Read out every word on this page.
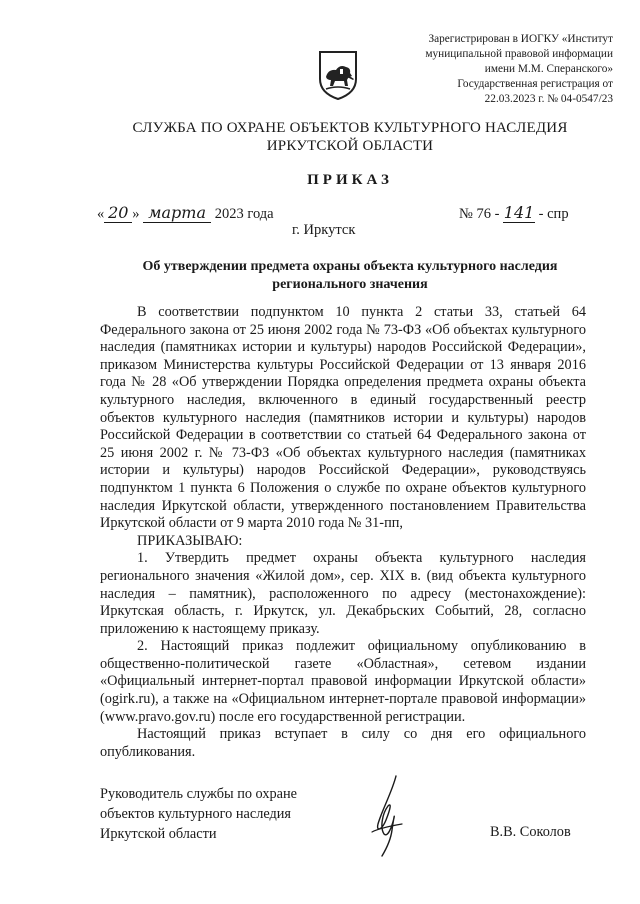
Зарегистрирован в ИОГКУ «Институт
муниципальной правовой информации
имени М.М. Сперанского»
Государственная регистрация от
22.03.2023 г. № 04-0547/23
СЛУЖБА ПО ОХРАНЕ ОБЪЕКТОВ КУЛЬТУРНОГО НАСЛЕДИЯ
ИРКУТСКОЙ ОБЛАСТИ
ПРИКАЗ
« 20 » марта 2023 года	№ 76 - 141 - спр
г. Иркутск
Об утверждении предмета охраны объекта культурного наследия
регионального значения

В соответствии подпунктом 10 пункта 2 статьи 33, статьей 64 Федерального закона от 25 июня 2002 года № 73-ФЗ «Об объектах культурного наследия (памятниках истории и культуры) народов Российской Федерации», приказом Министерства культуры Российской Федерации от 13 января 2016 года № 28 «Об утверждении Порядка определения предмета охраны объекта культурного наследия, включенного в единый государственный реестр объектов культурного наследия (памятников истории и культуры) народов Российской Федерации в соответствии со статьей 64 Федерального закона от 25 июня 2002 г. № 73-ФЗ «Об объектах культурного наследия (памятниках истории и культуры) народов Российской Федерации», руководствуясь подпунктом 1 пункта 6 Положения о службе по охране объектов культурного наследия Иркутской области, утвержденного постановлением Правительства Иркутской области от 9 марта 2010 года № 31-пп,

ПРИКАЗЫВАЮ:

1. Утвердить предмет охраны объекта культурного наследия регионального значения «Жилой дом», сер. XIX в. (вид объекта культурного наследия – памятник), расположенного по адресу (местонахождение): Иркутская область, г. Иркутск, ул. Декабрьских Событий, 28, согласно приложению к настоящему приказу.

2. Настоящий приказ подлежит официальному опубликованию в общественно-политической газете «Областная», сетевом издании «Официальный интернет-портал правовой информации Иркутской области» (ogirk.ru), а также на «Официальном интернет-портале правовой информации» (www.pravo.gov.ru) после его государственной регистрации.

Настоящий приказ вступает в силу со дня его официального опубликования.

Руководитель службы по охране
объектов культурного наследия
Иркутской области	В.В. Соколов
